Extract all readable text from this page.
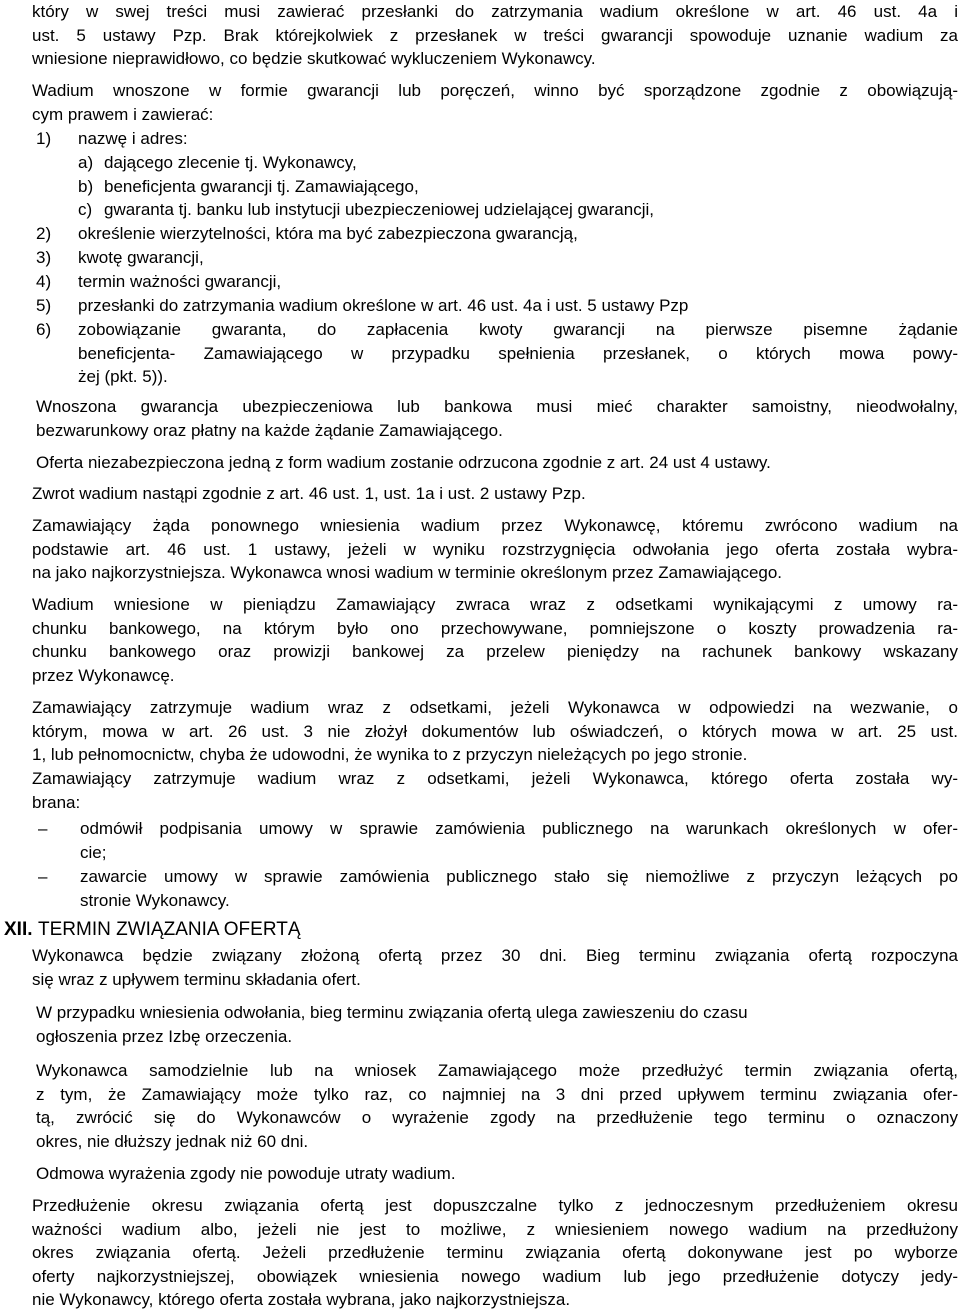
który w swej treści musi zawierać przesłanki do zatrzymania wadium określone w art. 46 ust. 4a i
ust. 5 ustawy Pzp. Brak którejkolwiek z przesłanek w treści gwarancji spowoduje uznanie wadium za
wniesione nieprawidłowo, co będzie skutkować wykluczeniem Wykonawcy.
Wadium wnoszone w formie gwarancji lub poręczeń, winno być sporządzone zgodnie z obowiązują-
cym prawem i zawierać:
1) nazwę i adres:
a) dającego zlecenie tj. Wykonawcy,
b) beneficjenta gwarancji tj. Zamawiającego,
c) gwaranta tj. banku lub instytucji ubezpieczeniowej udzielającej gwarancji,
2) określenie wierzytelności, która ma być zabezpieczona gwarancją,
3) kwotę gwarancji,
4) termin ważności gwarancji,
5) przesłanki do zatrzymania wadium określone w art. 46 ust. 4a i ust. 5 ustawy Pzp
6) zobowiązanie gwaranta, do zapłacenia kwoty gwarancji na pierwsze pisemne żądanie
beneficjenta- Zamawiającego w przypadku spełnienia przesłanek, o których mowa powy-
żej (pkt. 5)).
Wnoszona gwarancja ubezpieczeniowa lub bankowa musi mieć charakter samoistny, nieodwołalny,
bezwarunkowy oraz płatny na każde żądanie Zamawiającego.
Oferta niezabezpieczona jedną z form wadium zostanie odrzucona zgodnie z art. 24 ust 4 ustawy.
Zwrot wadium nastąpi zgodnie z art. 46 ust. 1, ust. 1a i ust. 2 ustawy Pzp.
Zamawiający żąda ponownego wniesienia wadium przez Wykonawcę, któremu zwrócono wadium na
podstawie art. 46 ust. 1 ustawy, jeżeli w wyniku rozstrzygnięcia odwołania jego oferta została wybra-
na jako najkorzystniejsza. Wykonawca wnosi wadium w terminie określonym przez Zamawiającego.
Wadium wniesione w pieniądzu Zamawiający zwraca wraz z odsetkami wynikającymi z umowy ra-
chunku bankowego, na którym było ono przechowywane, pomniejszone o koszty prowadzenia ra-
chunku bankowego oraz prowizji bankowej za przelew pieniędzy na rachunek bankowy wskazany
przez Wykonawcę.
Zamawiający zatrzymuje wadium wraz z odsetkami, jeżeli Wykonawca w odpowiedzi na wezwanie, o
którym, mowa w art. 26 ust. 3 nie złożył dokumentów lub oświadczeń, o których mowa w art. 25 ust.
1, lub pełnomocnictw, chyba że udowodni, że wynika to z przyczyn nieleżących po jego stronie.
Zamawiający zatrzymuje wadium wraz z odsetkami, jeżeli Wykonawca, którego oferta została wy-
brana:
– odmówił podpisania umowy w sprawie zamówienia publicznego na warunkach określonych w ofer-
cie;
– zawarcie umowy w sprawie zamówienia publicznego stało się niemożliwe z przyczyn leżących po
stronie Wykonawcy.
XII. TERMIN ZWIĄZANIA OFERTĄ
Wykonawca będzie związany złożoną ofertą przez 30 dni. Bieg terminu związania ofertą rozpoczyna
się wraz z upływem terminu składania ofert.
W przypadku wniesienia odwołania, bieg terminu związania ofertą ulega zawieszeniu do czasu
ogłoszenia przez Izbę orzeczenia.
Wykonawca samodzielnie lub na wniosek Zamawiającego może przedłużyć termin związania ofertą,
z tym, że Zamawiający może tylko raz, co najmniej na 3 dni przed upływem terminu związania ofer-
tą, zwrócić się do Wykonawców o wyrażenie zgody na przedłużenie tego terminu o oznaczony
okres, nie dłuższy jednak niż 60 dni.
Odmowa wyrażenia zgody nie powoduje utraty wadium.
Przedłużenie okresu związania ofertą jest dopuszczalne tylko z jednoczesnym przedłużeniem okresu
ważności wadium albo, jeżeli nie jest to możliwe, z wniesieniem nowego wadium na przedłużony
okres związania ofertą. Jeżeli przedłużenie terminu związania ofertą dokonywane jest po wyborze
oferty najkorzystniejszej, obowiązek wniesienia nowego wadium lub jego przedłużenie dotyczy jedy-
nie Wykonawcy, którego oferta została wybrana, jako najkorzystniejsza.
